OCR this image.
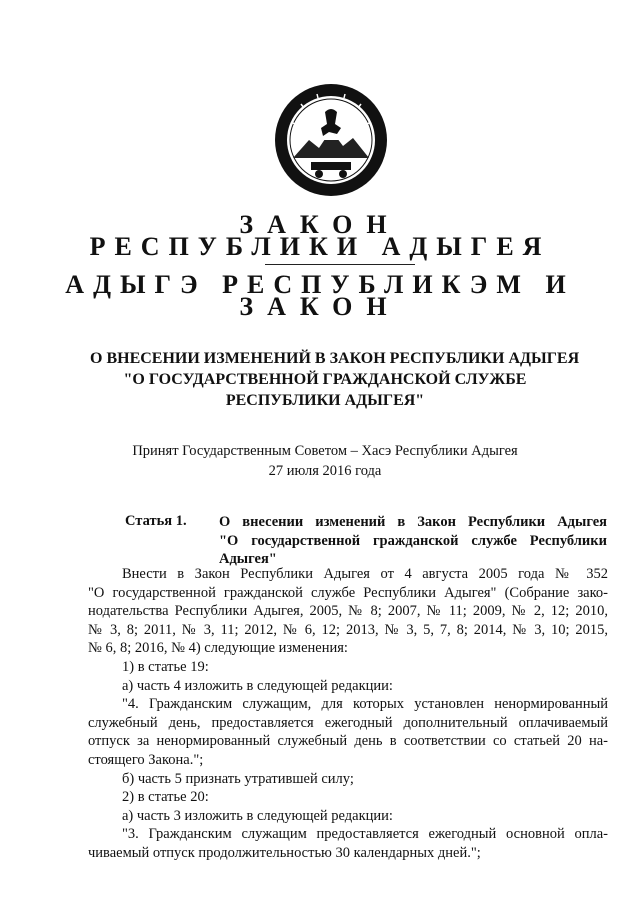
ЗАКОН
РЕСПУБЛИКИ АДЫГЕЯ
АДЫГЭ РЕСПУБЛИКЭМ И
ЗАКОН
О ВНЕСЕНИИ ИЗМЕНЕНИЙ В ЗАКОН РЕСПУБЛИКИ АДЫГЕЯ
"О ГОСУДАРСТВЕННОЙ ГРАЖДАНСКОЙ СЛУЖБЕ
РЕСПУБЛИКИ АДЫГЕЯ"
Принят Государственным Советом – Хасэ Республики Адыгея
27 июля 2016 года
Статья 1. О внесении изменений в Закон Республики Адыгея
"О государственной гражданской службе Республики
Адыгея"
Внести в Закон Республики Адыгея от 4 августа 2005 года № 352
"О государственной гражданской службе Республики Адыгея" (Собрание зако-
нодательства Республики Адыгея, 2005, № 8; 2007, № 11; 2009, № 2, 12; 2010,
№ 3, 8; 2011, № 3, 11; 2012, № 6, 12; 2013, № 3, 5, 7, 8; 2014, № 3, 10; 2015,
№ 6, 8; 2016, № 4) следующие изменения:

1) в статье 19:

а) часть 4 изложить в следующей редакции:

"4. Гражданским служащим, для которых установлен ненормированный
служебный день, предоставляется ежегодный дополнительный оплачиваемый
отпуск за ненормированный служебный день в соответствии со статьей 20 на-
стоящего Закона.";

б) часть 5 признать утратившей силу;

2) в статье 20:

а) часть 3 изложить в следующей редакции:

"3. Гражданским служащим предоставляется ежегодный основной опла-
чиваемый отпуск продолжительностью 30 календарных дней.";
